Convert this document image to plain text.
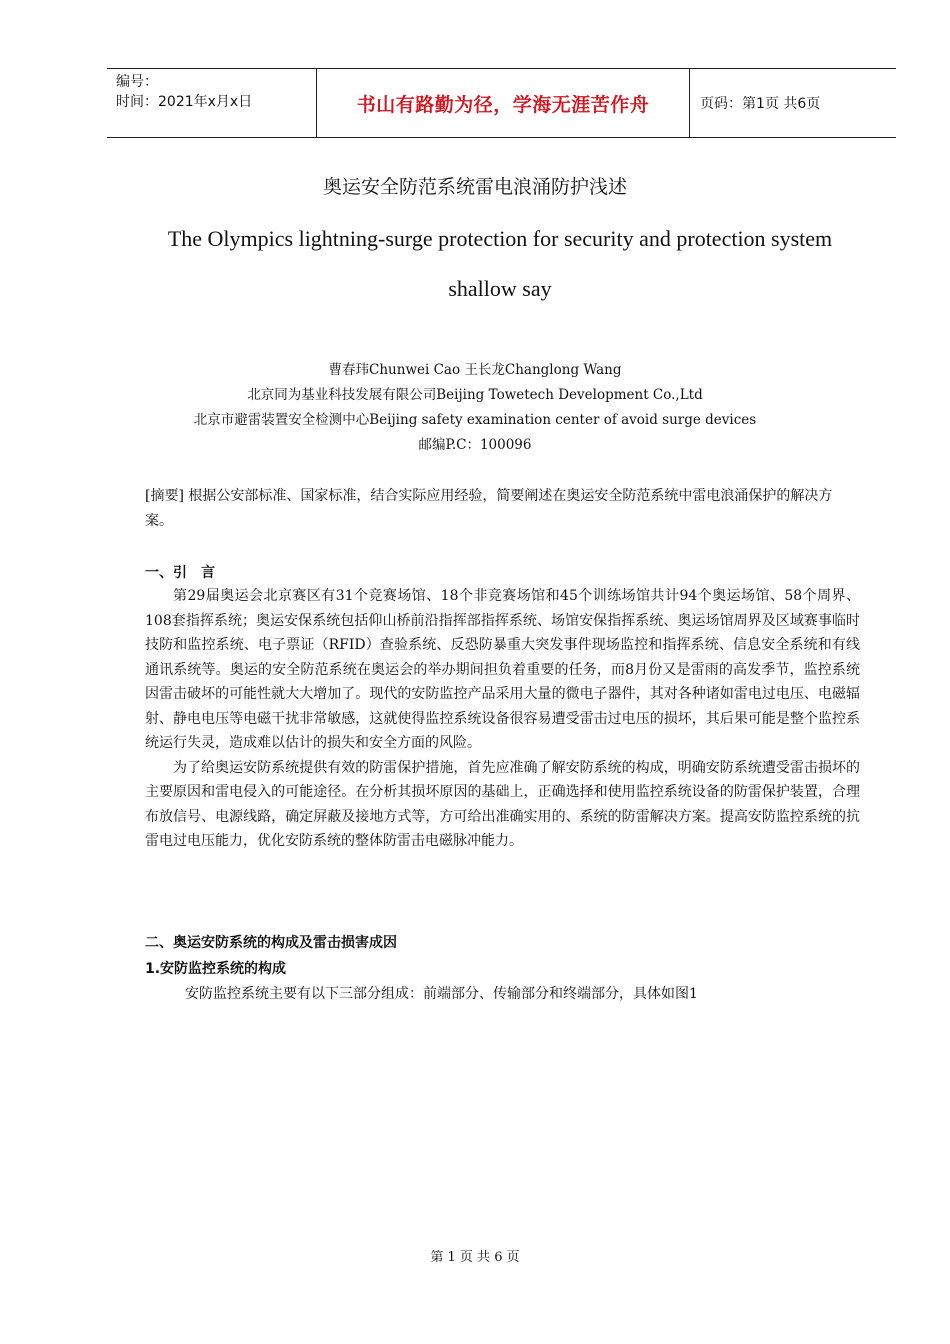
编号：
时间：2021年x月x日	书山有路勤为径，学海无涯苦作舟	页码：第1页 共6页
奥运安全防范系统雷电浪涌防护浅述
The Olympics lightning-surge protection for security and protection system shallow say
曹春玮Chunwei Cao 王长龙Changlong Wang
北京同为基业科技发展有限公司Beijing Towetech Development Co.,Ltd
北京市避雷装置安全检测中心Beijing safety examination center of avoid surge devices
邮编P.C：100096
[摘要] 根据公安部标准、国家标准，结合实际应用经验，简要阐述在奥运安全防范系统中雷电浪涌保护的解决方案。
一、引　言

第29届奥运会北京赛区有31个竞赛场馆、18个非竞赛场馆和45个训练场馆共计94个奥运场馆、58个周界、108套指挥系统；奥运安保系统包括仰山桥前沿指挥部指挥系统、场馆安保指挥系统、奥运场馆周界及区域赛事临时技防和监控系统、电子票证（RFID）查验系统、反恐防暴重大突发事件现场监控和指挥系统、信息安全系统和有线通讯系统等。奥运的安全防范系统在奥运会的举办期间担负着重要的任务，而8月份又是雷雨的高发季节，监控系统因雷击破坏的可能性就大大增加了。现代的安防监控产品采用大量的微电子器件，其对各种诸如雷电过电压、电磁辐射、静电电压等电磁干扰非常敏感，这就使得监控系统设备很容易遭受雷击过电压的损坏，其后果可能是整个监控系统运行失灵，造成难以估计的损失和安全方面的风险。

为了给奥运安防系统提供有效的防雷保护措施，首先应准确了解安防系统的构成，明确安防系统遭受雷击损坏的主要原因和雷电侵入的可能途径。在分析其损坏原因的基础上，正确选择和使用监控系统设备的防雷保护装置，合理布放信号、电源线路，确定屏蔽及接地方式等，方可给出准确实用的、系统的防雷解决方案。提高安防监控系统的抗雷电过电压能力，优化安防系统的整体防雷击电磁脉冲能力。

二、奥运安防系统的构成及雷击损害成因
1.安防监控系统的构成
安防监控系统主要有以下三部分组成：前端部分、传输部分和终端部分，具体如图1
第 1 页 共 6 页
